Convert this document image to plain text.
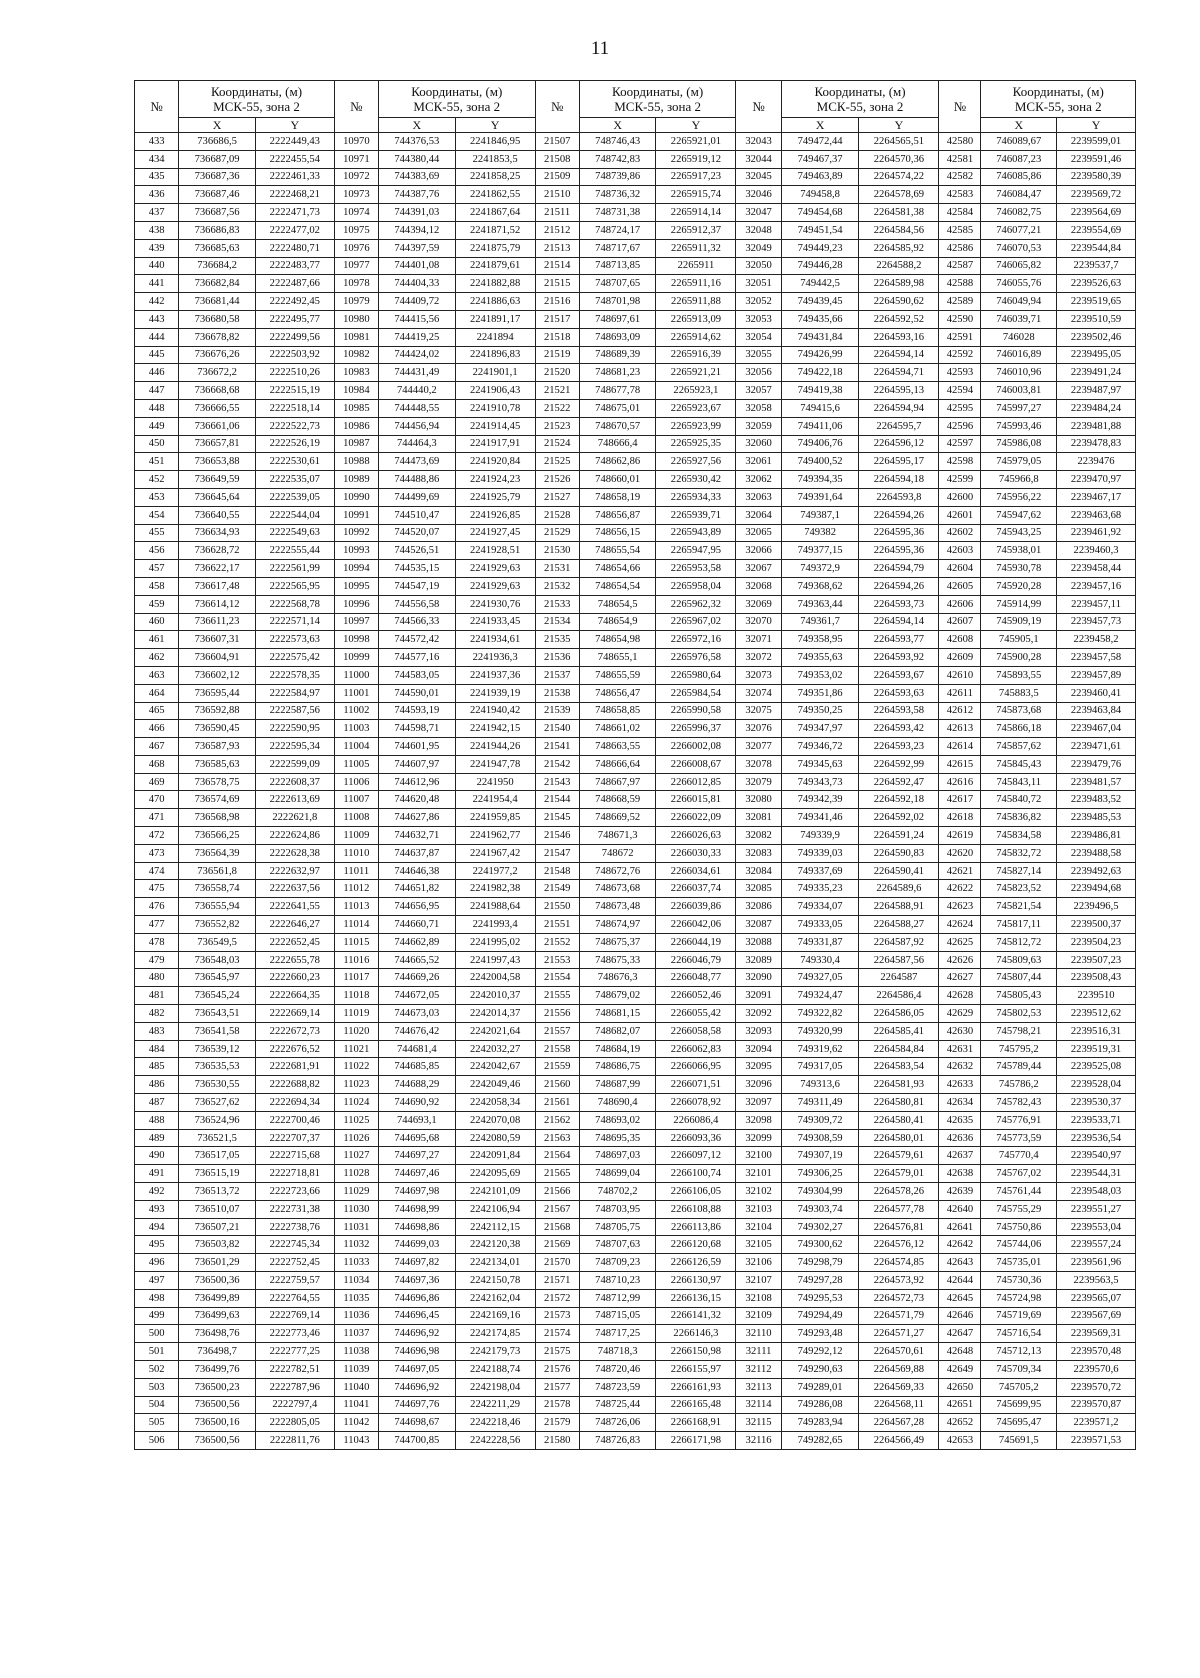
11
№	Координаты, (м)
МСК-55, зона 2		№	Координаты, (м)
МСК-55, зона 2		№	Координаты, (м)
МСК-55, зона 2		№	Координаты, (м)
МСК-55, зона 2		№	Координаты, (м)
МСК-55, зона 2	

	X	Y		X	Y		X	Y		X	Y		X	Y
433	736686,5	2222449,43	10970	744376,53	2241846,95	21507	748746,43	2265921,01	32043	749472,44	2264565,51	42580	746089,67	2239599,01
434	736687,09	2222455,54	10971	744380,44	2241853,5	21508	748742,83	2265919,12	32044	749467,37	2264570,36	42581	746087,23	2239591,46
435	736687,36	2222461,33	10972	744383,69	2241858,25	21509	748739,86	2265917,23	32045	749463,89	2264574,22	42582	746085,86	2239580,39
436	736687,46	2222468,21	10973	744387,76	2241862,55	21510	748736,32	2265915,74	32046	749458,8	2264578,69	42583	746084,47	2239569,72
437	736687,56	2222471,73	10974	744391,03	2241867,64	21511	748731,38	2265914,14	32047	749454,68	2264581,38	42584	746082,75	2239564,69
438	736686,83	2222477,02	10975	744394,12	2241871,52	21512	748724,17	2265912,37	32048	749451,54	2264584,56	42585	746077,21	2239554,69
439	736685,63	2222480,71	10976	744397,59	2241875,79	21513	748717,67	2265911,32	32049	749449,23	2264585,92	42586	746070,53	2239544,84
440	736684,2	2222483,77	10977	744401,08	2241879,61	21514	748713,85	2265911	32050	749446,28	2264588,2	42587	746065,82	2239537,7
441	736682,84	2222487,66	10978	744404,33	2241882,88	21515	748707,65	2265911,16	32051	749442,5	2264589,98	42588	746055,76	2239526,63
442	736681,44	2222492,45	10979	744409,72	2241886,63	21516	748701,98	2265911,88	32052	749439,45	2264590,62	42589	746049,94	2239519,65
443	736680,58	2222495,77	10980	744415,56	2241891,17	21517	748697,61	2265913,09	32053	749435,66	2264592,52	42590	746039,71	2239510,59
444	736678,82	2222499,56	10981	744419,25	2241894	21518	748693,09	2265914,62	32054	749431,84	2264593,16	42591	746028	2239502,46
445	736676,26	2222503,92	10982	744424,02	2241896,83	21519	748689,39	2265916,39	32055	749426,99	2264594,14	42592	746016,89	2239495,05
446	736672,2	2222510,26	10983	744431,49	2241901,1	21520	748681,23	2265921,21	32056	749422,18	2264594,71	42593	746010,96	2239491,24
447	736668,68	2222515,19	10984	744440,2	2241906,43	21521	748677,78	2265923,1	32057	749419,38	2264595,13	42594	746003,81	2239487,97
448	736666,55	2222518,14	10985	744448,55	2241910,78	21522	748675,01	2265923,67	32058	749415,6	2264594,94	42595	745997,27	2239484,24
449	736661,06	2222522,73	10986	744456,94	2241914,45	21523	748670,57	2265923,99	32059	749411,06	2264595,7	42596	745993,46	2239481,88
450	736657,81	2222526,19	10987	744464,3	2241917,91	21524	748666,4	2265925,35	32060	749406,76	2264596,12	42597	745986,08	2239478,83
451	736653,88	2222530,61	10988	744473,69	2241920,84	21525	748662,86	2265927,56	32061	749400,52	2264595,17	42598	745979,05	2239476
452	736649,59	2222535,07	10989	744488,86	2241924,23	21526	748660,01	2265930,42	32062	749394,35	2264594,18	42599	745966,8	2239470,97
453	736645,64	2222539,05	10990	744499,69	2241925,79	21527	748658,19	2265934,33	32063	749391,64	2264593,8	42600	745956,22	2239467,17
454	736640,55	2222544,04	10991	744510,47	2241926,85	21528	748656,87	2265939,71	32064	749387,1	2264594,26	42601	745947,62	2239463,68
455	736634,93	2222549,63	10992	744520,07	2241927,45	21529	748656,15	2265943,89	32065	749382	2264595,36	42602	745943,25	2239461,92
456	736628,72	2222555,44	10993	744526,51	2241928,51	21530	748655,54	2265947,95	32066	749377,15	2264595,36	42603	745938,01	2239460,3
457	736622,17	2222561,99	10994	744535,15	2241929,63	21531	748654,66	2265953,58	32067	749372,9	2264594,79	42604	745930,78	2239458,44
458	736617,48	2222565,95	10995	744547,19	2241929,63	21532	748654,54	2265958,04	32068	749368,62	2264594,26	42605	745920,28	2239457,16
459	736614,12	2222568,78	10996	744556,58	2241930,76	21533	748654,5	2265962,32	32069	749363,44	2264593,73	42606	745914,99	2239457,11
460	736611,23	2222571,14	10997	744566,33	2241933,45	21534	748654,9	2265967,02	32070	749361,7	2264594,14	42607	745909,19	2239457,73
461	736607,31	2222573,63	10998	744572,42	2241934,61	21535	748654,98	2265972,16	32071	749358,95	2264593,77	42608	745905,1	2239458,2
462	736604,91	2222575,42	10999	744577,16	2241936,3	21536	748655,1	2265976,58	32072	749355,63	2264593,92	42609	745900,28	2239457,58
463	736602,12	2222578,35	11000	744583,05	2241937,36	21537	748655,59	2265980,64	32073	749353,02	2264593,67	42610	745893,55	2239457,89
464	736595,44	2222584,97	11001	744590,01	2241939,19	21538	748656,47	2265984,54	32074	749351,86	2264593,63	42611	745883,5	2239460,41
465	736592,88	2222587,56	11002	744593,19	2241940,42	21539	748658,85	2265990,58	32075	749350,25	2264593,58	42612	745873,68	2239463,84
466	736590,45	2222590,95	11003	744598,71	2241942,15	21540	748661,02	2265996,37	32076	749347,97	2264593,42	42613	745866,18	2239467,04
467	736587,93	2222595,34	11004	744601,95	2241944,26	21541	748663,55	2266002,08	32077	749346,72	2264593,23	42614	745857,62	2239471,61
468	736585,63	2222599,09	11005	744607,97	2241947,78	21542	748666,64	2266008,67	32078	749345,63	2264592,99	42615	745845,43	2239479,76
469	736578,75	2222608,37	11006	744612,96	2241950	21543	748667,97	2266012,85	32079	749343,73	2264592,47	42616	745843,11	2239481,57
470	736574,69	2222613,69	11007	744620,48	2241954,4	21544	748668,59	2266015,81	32080	749342,39	2264592,18	42617	745840,72	2239483,52
471	736568,98	2222621,8	11008	744627,86	2241959,85	21545	748669,52	2266022,09	32081	749341,46	2264592,02	42618	745836,82	2239485,53
472	736566,25	2222624,86	11009	744632,71	2241962,77	21546	748671,3	2266026,63	32082	749339,9	2264591,24	42619	745834,58	2239486,81
473	736564,39	2222628,38	11010	744637,87	2241967,42	21547	748672	2266030,33	32083	749339,03	2264590,83	42620	745832,72	2239488,58
474	736561,8	2222632,97	11011	744646,38	2241977,2	21548	748672,76	2266034,61	32084	749337,69	2264590,41	42621	745827,14	2239492,63
475	736558,74	2222637,56	11012	744651,82	2241982,38	21549	748673,68	2266037,74	32085	749335,23	2264589,6	42622	745823,52	2239494,68
476	736555,94	2222641,55	11013	744656,95	2241988,64	21550	748673,48	2266039,86	32086	749334,07	2264588,91	42623	745821,54	2239496,5
477	736552,82	2222646,27	11014	744660,71	2241993,4	21551	748674,97	2266042,06	32087	749333,05	2264588,27	42624	745817,11	2239500,37
478	736549,5	2222652,45	11015	744662,89	2241995,02	21552	748675,37	2266044,19	32088	749331,87	2264587,92	42625	745812,72	2239504,23
479	736548,03	2222655,78	11016	744665,52	2241997,43	21553	748675,33	2266046,79	32089	749330,4	2264587,56	42626	745809,63	2239507,23
480	736545,97	2222660,23	11017	744669,26	2242004,58	21554	748676,3	2266048,77	32090	749327,05	2264587	42627	745807,44	2239508,43
481	736545,24	2222664,35	11018	744672,05	2242010,37	21555	748679,02	2266052,46	32091	749324,47	2264586,4	42628	745805,43	2239510
482	736543,51	2222669,14	11019	744673,03	2242014,37	21556	748681,15	2266055,42	32092	749322,82	2264586,05	42629	745802,53	2239512,62
483	736541,58	2222672,73	11020	744676,42	2242021,64	21557	748682,07	2266058,58	32093	749320,99	2264585,41	42630	745798,21	2239516,31
484	736539,12	2222676,52	11021	744681,4	2242032,27	21558	748684,19	2266062,83	32094	749319,62	2264584,84	42631	745795,2	2239519,31
485	736535,53	2222681,91	11022	744685,85	2242042,67	21559	748686,75	2266066,95	32095	749317,05	2264583,54	42632	745789,44	2239525,08
486	736530,55	2222688,82	11023	744688,29	2242049,46	21560	748687,99	2266071,51	32096	749313,6	2264581,93	42633	745786,2	2239528,04
487	736527,62	2222694,34	11024	744690,92	2242058,34	21561	748690,4	2266078,92	32097	749311,49	2264580,81	42634	745782,43	2239530,37
488	736524,96	2222700,46	11025	744693,1	2242070,08	21562	748693,02	2266086,4	32098	749309,72	2264580,41	42635	745776,91	2239533,71
489	736521,5	2222707,37	11026	744695,68	2242080,59	21563	748695,35	2266093,36	32099	749308,59	2264580,01	42636	745773,59	2239536,54
490	736517,05	2222715,68	11027	744697,27	2242091,84	21564	748697,03	2266097,12	32100	749307,19	2264579,61	42637	745770,4	2239540,97
491	736515,19	2222718,81	11028	744697,46	2242095,69	21565	748699,04	2266100,74	32101	749306,25	2264579,01	42638	745767,02	2239544,31
492	736513,72	2222723,66	11029	744697,98	2242101,09	21566	748702,2	2266106,05	32102	749304,99	2264578,26	42639	745761,44	2239548,03
493	736510,07	2222731,38	11030	744698,99	2242106,94	21567	748703,95	2266108,88	32103	749303,74	2264577,78	42640	745755,29	2239551,27
494	736507,21	2222738,76	11031	744698,86	2242112,15	21568	748705,75	2266113,86	32104	749302,27	2264576,81	42641	745750,86	2239553,04
495	736503,82	2222745,34	11032	744699,03	2242120,38	21569	748707,63	2266120,68	32105	749300,62	2264576,12	42642	745744,06	2239557,24
496	736501,29	2222752,45	11033	744697,82	2242134,01	21570	748709,23	2266126,59	32106	749298,79	2264574,85	42643	745735,01	2239561,96
497	736500,36	2222759,57	11034	744697,36	2242150,78	21571	748710,23	2266130,97	32107	749297,28	2264573,92	42644	745730,36	2239563,5
498	736499,89	2222764,55	11035	744696,86	2242162,04	21572	748712,99	2266136,15	32108	749295,53	2264572,73	42645	745724,98	2239565,07
499	736499,63	2222769,14	11036	744696,45	2242169,16	21573	748715,05	2266141,32	32109	749294,49	2264571,79	42646	745719,69	2239567,69
500	736498,76	2222773,46	11037	744696,92	2242174,85	21574	748717,25	2266146,3	32110	749293,48	2264571,27	42647	745716,54	2239569,31
501	736498,7	2222777,25	11038	744696,98	2242179,73	21575	748718,3	2266150,98	32111	749292,12	2264570,61	42648	745712,13	2239570,48
502	736499,76	2222782,51	11039	744697,05	2242188,74	21576	748720,46	2266155,97	32112	749290,63	2264569,88	42649	745709,34	2239570,6
503	736500,23	2222787,96	11040	744696,92	2242198,04	21577	748723,59	2266161,93	32113	749289,01	2264569,33	42650	745705,2	2239570,72
504	736500,56	2222797,4	11041	744697,76	2242211,29	21578	748725,44	2266165,48	32114	749286,08	2264568,11	42651	745699,95	2239570,87
505	736500,16	2222805,05	11042	744698,67	2242218,46	21579	748726,06	2266168,91	32115	749283,94	2264567,28	42652	745695,47	2239571,2
506	736500,56	2222811,76	11043	744700,85	2242228,56	21580	748726,83	2266171,98	32116	749282,65	2264566,49	42653	745691,5	2239571,53
